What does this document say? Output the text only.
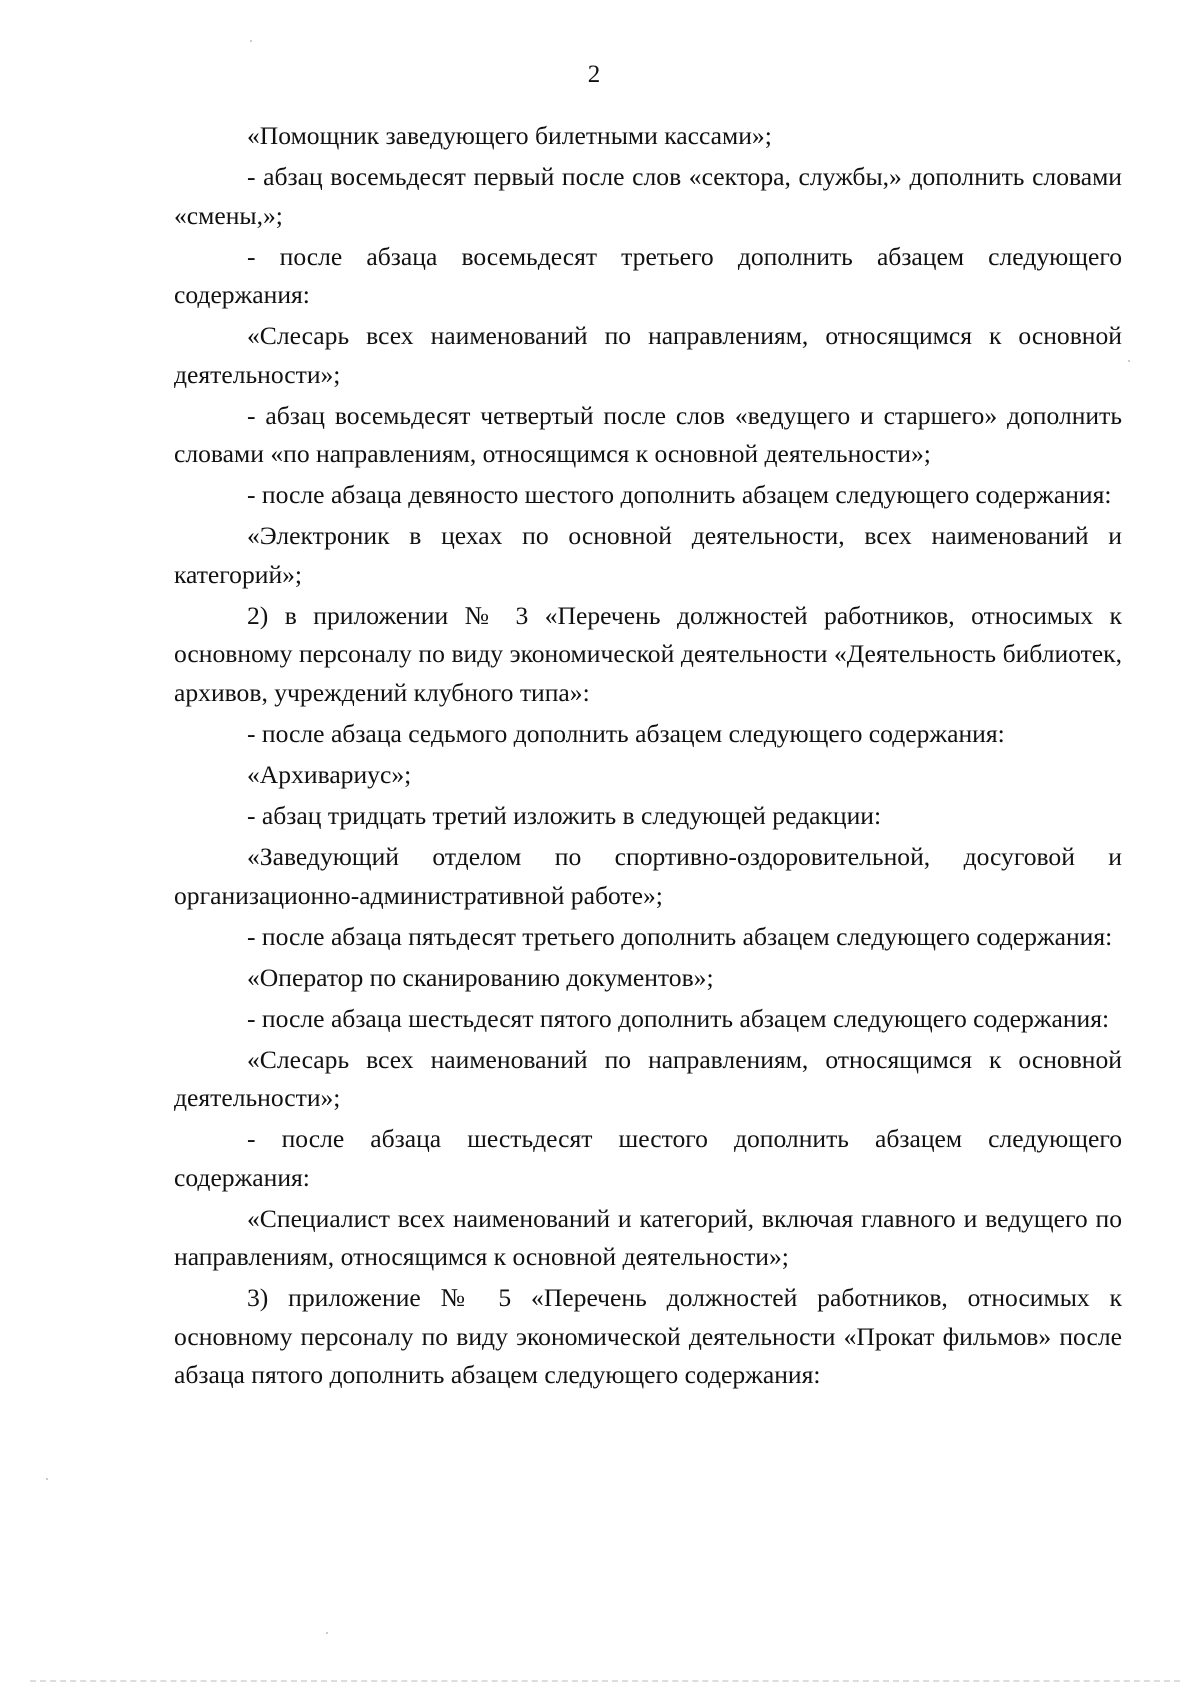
2

«Помощник заведующего билетными кассами»;

- абзац восемьдесят первый после слов «сектора, службы,» дополнить словами «смены,»;

- после абзаца восемьдесят третьего дополнить абзацем следующего содержания:

«Слесарь всех наименований по направлениям, относящимся к основной деятельности»;

- абзац восемьдесят четвертый после слов «ведущего и старшего» дополнить словами «по направлениям, относящимся к основной деятельности»;

- после абзаца девяносто шестого дополнить абзацем следующего содержания:

«Электроник в цехах по основной деятельности, всех наименований и категорий»;

2) в приложении № 3 «Перечень должностей работников, относимых к основному персоналу по виду экономической деятельности «Деятельность библиотек, архивов, учреждений клубного типа»:

- после абзаца седьмого дополнить абзацем следующего содержания:

«Архивариус»;

- абзац тридцать третий изложить в следующей редакции:

«Заведующий отделом по спортивно-оздоровительной, досуговой и организационно-административной работе»;

- после абзаца пятьдесят третьего дополнить абзацем следующего содержания:

«Оператор по сканированию документов»;

- после абзаца шестьдесят пятого дополнить абзацем следующего содержания:

«Слесарь всех наименований по направлениям, относящимся к основной деятельности»;

- после абзаца шестьдесят шестого дополнить абзацем следующего содержания:

«Специалист всех наименований и категорий, включая главного и ведущего по направлениям, относящимся к основной деятельности»;

3) приложение № 5 «Перечень должностей работников, относимых к основному персоналу по виду экономической деятельности «Прокат фильмов» после абзаца пятого дополнить абзацем следующего содержания:
